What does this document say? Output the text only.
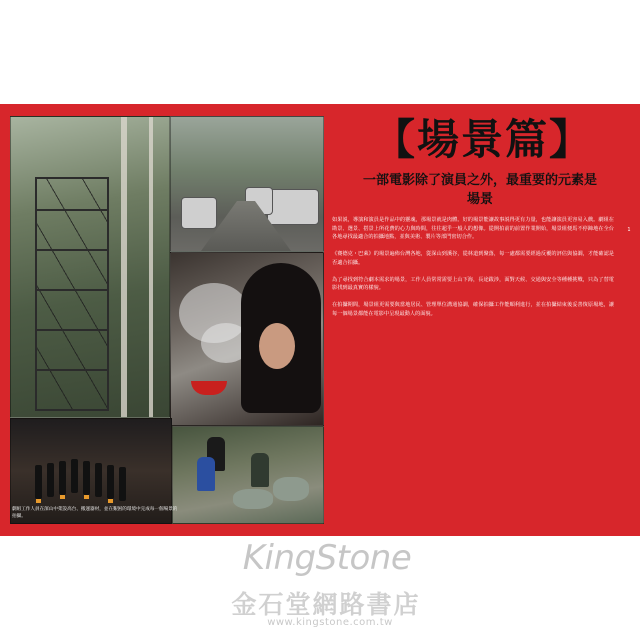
1
劇組工作人員在深山中架設高台、搬運器材，並在艱困的環境中完成每一個場景的拍攝。
【場景篇】
一部電影除了演員之外，最重要的元素是場景

如果説，導演和演員是作品中的靈魂，那場景就是肉體。好的場景能讓故事説得更有力量，也能讓演員更容易入戲。劇組在勘景、選景、搭景上所花費的心力與時間，往往超乎一般人的想像。從開拍前的前置作業開始，場景組便馬不停蹄地在全台各地尋找最適合的拍攝地點，並與美術、製片等部門密切合作。

《賽德克・巴萊》的場景遍佈台灣各地，從深山到溪谷，從林道到聚落，每一處都需要經過反覆的評估與協調，才能確認是否適合拍攝。

為了尋找到符合劇本需求的場景，工作人員常常需要上山下海，長途跋涉，面對天候、交通與安全等種種挑戰，只為了替電影找到最真實的樣貌。

在拍攝期間，場景組更需要與當地居民、管理單位溝通協調，確保拍攝工作能順利進行，並在拍攝結束後妥善復原場地，讓每一個場景都能在電影中呈現最動人的面貌。

KingStone
金石堂網路書店
www.kingstone.com.tw
